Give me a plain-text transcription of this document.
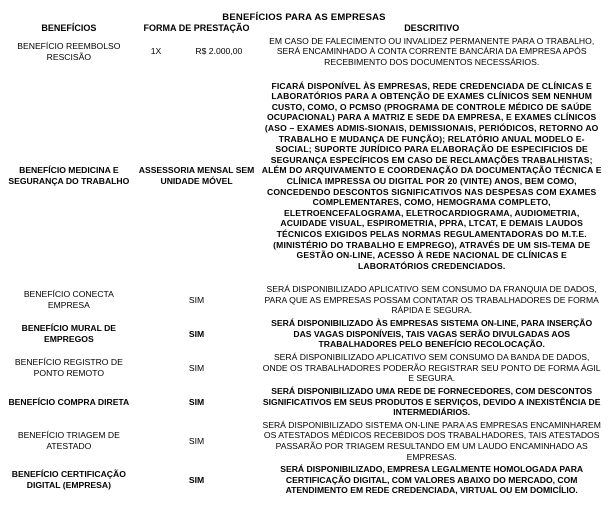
BENEFÍCIOS PARA AS EMPRESAS
BENEFÍCIOS	FORMA DE PRESTAÇÃO		DESCRITIVO
BENEFÍCIO REEMBOLSO RESCISÃO	1X	R$ 2.000,00	EM CASO DE FALECIMENTO OU INVALIDEZ PERMANENTE PARA O TRABALHO, SERÁ ENCAMINHADO À CONTA CORRENTE BANCÁRIA DA EMPRESA APÓS RECEBIMENTO DOS DOCUMENTOS NECESSÁRIOS.
BENEFÍCIO MEDICINA E SEGURANÇA DO TRABALHO	ASSESSORIA MENSAL SEM UNIDADE MÓVEL		FICARÁ DISPONÍVEL ÀS EMPRESAS, REDE CREDENCIADA DE CLÍNICAS E LABORATÓRIOS PARA A OBTENÇÃO DE EXAMES CLÍNICOS SEM NENHUM CUSTO, COMO, O PCMSO (PROGRAMA DE CONTROLE MÉDICO DE SAÚDE OCUPACIONAL) PARA A MATRIZ E SEDE DA EMPRESA, E EXAMES CLÍNICOS (ASO – EXAMES ADMIS-SIONAIS, DEMISSIONAIS, PERIÓDICOS, RETORNO AO TRABALHO E MUDANÇA DE FUNÇÃO); RELATÓRIO ANUAL MODELO E-SOCIAL; SUPORTE JURÍDICO PARA ELABORAÇÃO DE ESPECIFICIOS DE SEGURANÇA ESPECÍFICOS EM CASO DE RECLAMAÇÕES TRABALHISTAS; ALÉM DO ARQUIVAMENTO E COORDENAÇÃO DA DOCUMENTAÇÃO TÉCNICA E CLÍNICA IMPRESSA OU DIGITAL POR 20 (VINTE) ANOS, BEM COMO, CONCEDENDO DESCONTOS SIGNIFICATIVOS NAS DESPESAS COM EXAMES COMPLEMENTARES, COMO, HEMOGRAMA COMPLETO, ELETROENCEFALOGRAMA, ELETROCARDIOGRAMA, AUDIOMETRIA, ACUIDADE VISUAL, ESPIROMETRIA, PPRA, LTCAT, E DEMAIS LAUDOS TÉCNICOS EXIGIDOS PELAS NORMAS REGULAMENTADORAS DO M.T.E. (MINISTÉRIO DO TRABALHO E EMPREGO), ATRAVÉS DE UM SIS-TEMA DE GESTÃO ON-LINE, ACESSO À REDE NACIONAL DE CLÍNICAS E LABORATÓRIOS CREDENCIADOS.
BENEFÍCIO CONECTA EMPRESA	SIM		SERÁ DISPONIBILIZADO APLICATIVO SEM CONSUMO DA FRANQUIA DE DADOS, PARA QUE AS EMPRESAS POSSAM CONTATAR OS TRABALHADORES DE FORMA RÁPIDA E SEGURA.
BENEFÍCIO MURAL DE EMPREGOS	SIM		SERÁ DISPONIBILIZADO ÀS EMPRESAS SISTEMA ON-LINE, PARA INSERÇÃO DAS VAGAS DISPONÍVEIS, TAIS VAGAS SERÃO DIVULGADAS AOS TRABALHADORES PELO BENEFÍCIO RECOLOCAÇÃO.
BENEFÍCIO REGISTRO DE PONTO REMOTO	SIM		SERÁ DISPONIBILIZADO APLICATIVO SEM CONSUMO DA BANDA DE DADOS, ONDE OS TRABALHADORES PODERÃO REGISTRAR SEU PONTO DE FORMA ÁGIL E SEGURA.
BENEFÍCIO COMPRA DIRETA	SIM		SERÁ DISPONIBILIZADO UMA REDE DE FORNECEDORES, COM DESCONTOS SIGNIFICATIVOS EM SEUS PRODUTOS E SERVIÇOS, DEVIDO A INEXISTÊNCIA DE INTERMEDIÁRIOS.
BENEFÍCIO TRIAGEM DE ATESTADO	SIM		SERÁ DISPONIBILIZADO SISTEMA ON-LINE PARA AS EMPRESAS ENCAMINHAREM OS ATESTADOS MÉDICOS RECEBIDOS DOS TRABALHADORES, TAIS ATESTADOS PASSARÃO POR TRIAGEM RESULTANDO EM UM LAUDO ENCAMINHADO AS EMPRESAS.
BENEFÍCIO CERTIFICAÇÃO DIGITAL (EMPRESA)	SIM		SERÁ DISPONIBILIZADO, EMPRESA LEGALMENTE HOMOLOGADA PARA CERTIFICAÇÃO DIGITAL, COM VALORES ABAIXO DO MERCADO, COM ATENDIMENTO EM REDE CREDENCIADA, VIRTUAL OU EM DOMICÍLIO.
